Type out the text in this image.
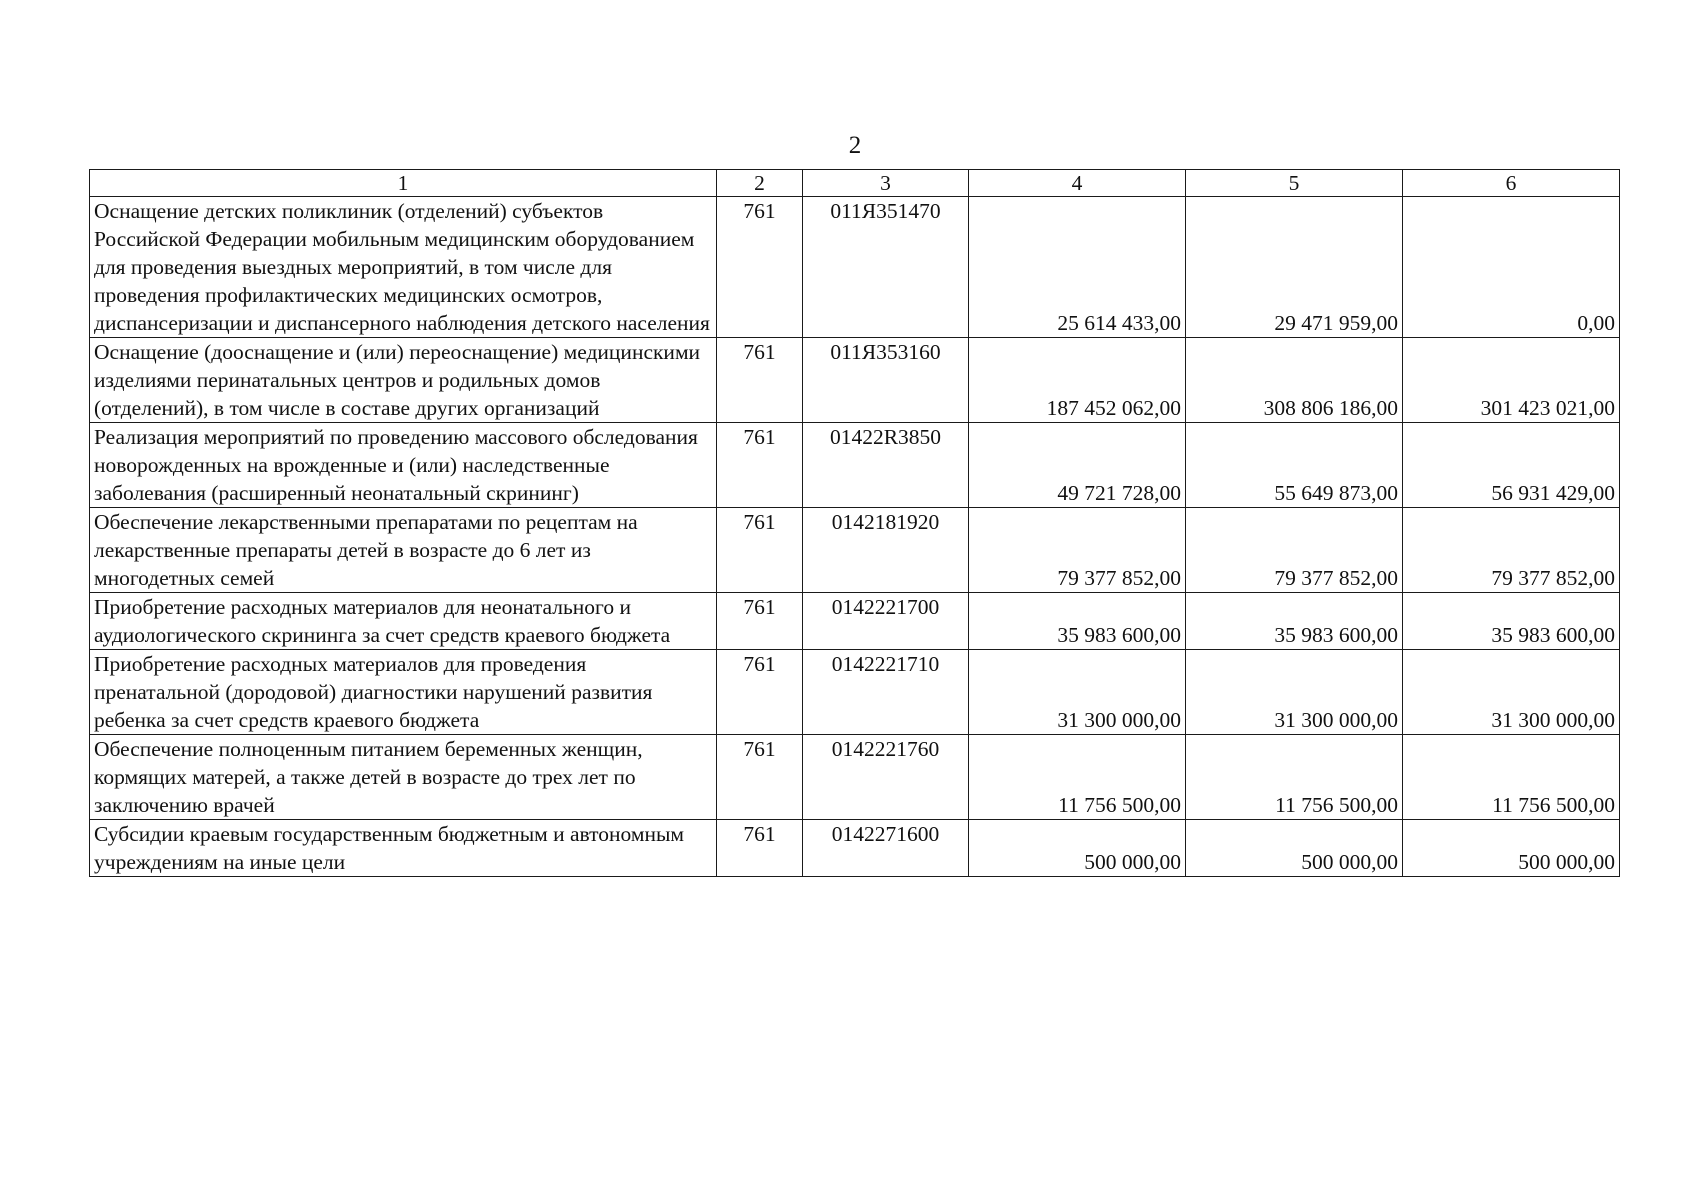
2
1	2	3	4	5	6
Оснащение детских поликлиник (отделений) субъектов Российской Федерации мобильным медицинским оборудованием для проведения выездных мероприятий, в том числе для проведения профилактических медицинских осмотров, диспансеризации и диспансерного наблюдения детского населения	761	011Я351470	25 614 433,00	29 471 959,00	0,00
Оснащение (дооснащение и (или) переоснащение) медицинскими изделиями перинатальных центров и родильных домов (отделений), в том числе в составе других организаций	761	011Я353160	187 452 062,00	308 806 186,00	301 423 021,00
Реализация мероприятий по проведению массового обследования новорожденных на врожденные и (или) наследственные заболевания (расширенный неонатальный скрининг)	761	01422R3850	49 721 728,00	55 649 873,00	56 931 429,00
Обеспечение лекарственными препаратами по рецептам на лекарственные препараты детей в возрасте до 6 лет из многодетных семей	761	0142181920	79 377 852,00	79 377 852,00	79 377 852,00
Приобретение расходных материалов для неонатального и аудиологического скрининга за счет средств краевого бюджета	761	0142221700	35 983 600,00	35 983 600,00	35 983 600,00
Приобретение расходных материалов для проведения пренатальной (дородовой) диагностики нарушений развития ребенка за счет средств краевого бюджета	761	0142221710	31 300 000,00	31 300 000,00	31 300 000,00
Обеспечение полноценным питанием беременных женщин, кормящих матерей, а также детей в возрасте до трех лет по заключению врачей	761	0142221760	11 756 500,00	11 756 500,00	11 756 500,00
Субсидии краевым государственным бюджетным и автономным учреждениям на иные цели	761	0142271600	500 000,00	500 000,00	500 000,00
